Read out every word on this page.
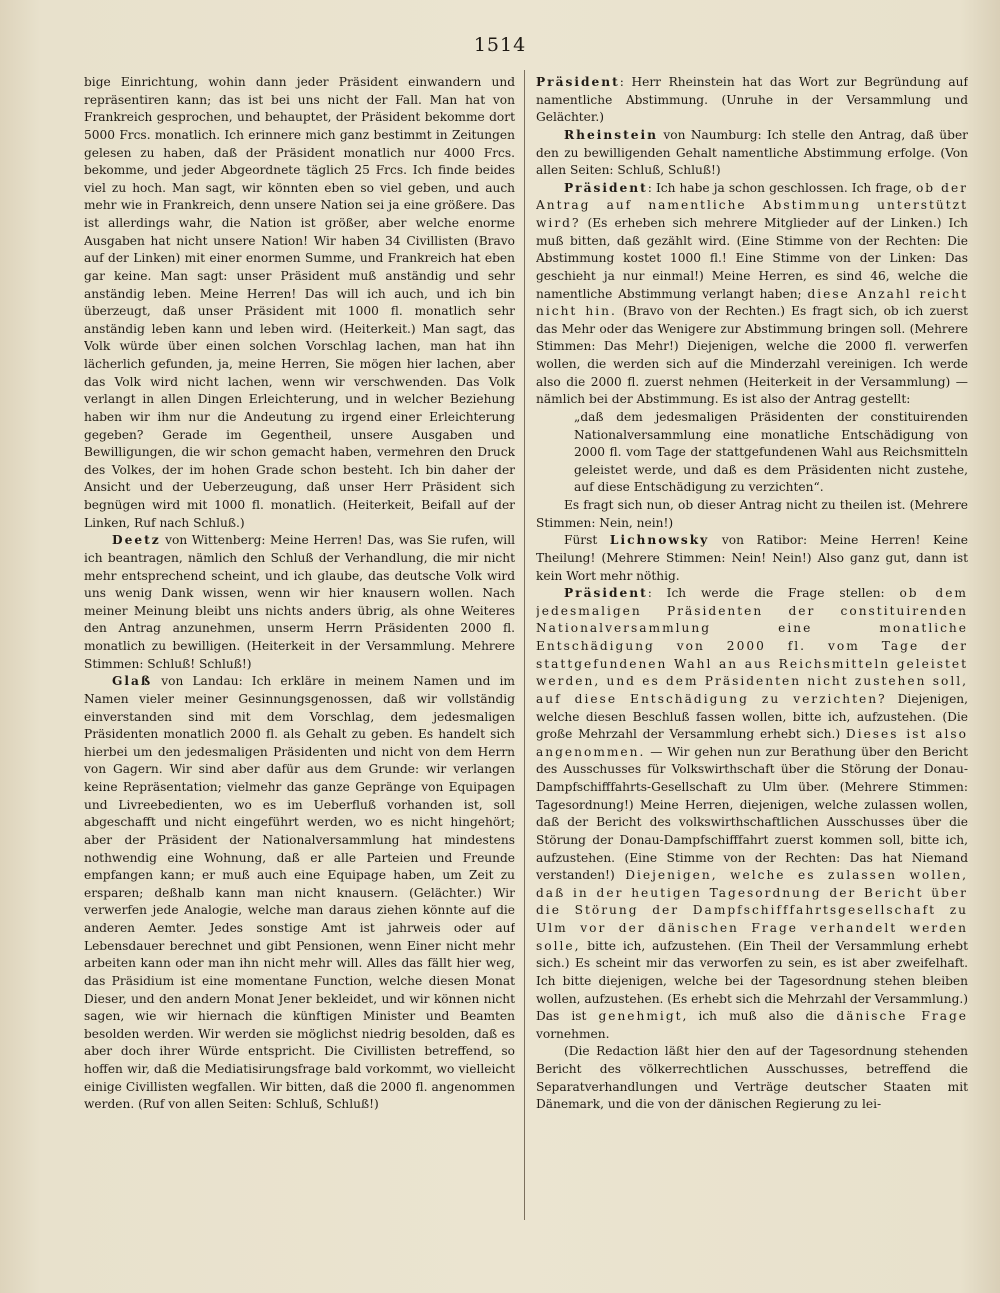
1514

bige Einrichtung, wohin dann jeder Präsident einwandern und repräsentiren kann; das ist bei uns nicht der Fall. Man hat von Frankreich gesprochen, und behauptet, der Präsident bekomme dort 5000 Frcs. monatlich. Ich erinnere mich ganz bestimmt in Zeitungen gelesen zu haben, daß der Präsident monatlich nur 4000 Frcs. bekomme, und jeder Abgeordnete täglich 25 Frcs. Ich finde beides viel zu hoch. Man sagt, wir könnten eben so viel geben, und auch mehr wie in Frankreich, denn unsere Nation sei ja eine größere. Das ist allerdings wahr, die Nation ist größer, aber welche enorme Ausgaben hat nicht unsere Nation! Wir haben 34 Civillisten (Bravo auf der Linken) mit einer enormen Summe, und Frankreich hat eben gar keine. Man sagt: unser Präsident muß anständig und sehr anständig leben. Meine Herren! Das will ich auch, und ich bin überzeugt, daß unser Präsident mit 1000 fl. monatlich sehr anständig leben kann und leben wird. (Heiterkeit.) Man sagt, das Volk würde über einen solchen Vorschlag lachen, man hat ihn lächerlich gefunden, ja, meine Herren, Sie mögen hier lachen, aber das Volk wird nicht lachen, wenn wir verschwenden. Das Volk verlangt in allen Dingen Erleichterung, und in welcher Beziehung haben wir ihm nur die Andeutung zu irgend einer Erleichterung gegeben? Gerade im Gegentheil, unsere Ausgaben und Bewilligungen, die wir schon gemacht haben, vermehren den Druck des Volkes, der im hohen Grade schon besteht. Ich bin daher der Ansicht und der Ueberzeugung, daß unser Herr Präsident sich begnügen wird mit 1000 fl. monatlich. (Heiterkeit, Beifall auf der Linken, Ruf nach Schluß.)

Deetz von Wittenberg: Meine Herren! Das, was Sie rufen, will ich beantragen, nämlich den Schluß der Verhandlung, die mir nicht mehr entsprechend scheint, und ich glaube, das deutsche Volk wird uns wenig Dank wissen, wenn wir hier knausern wollen. Nach meiner Meinung bleibt uns nichts anders übrig, als ohne Weiteres den Antrag anzunehmen, unserm Herrn Präsidenten 2000 fl. monatlich zu bewilligen. (Heiterkeit in der Versammlung. Mehrere Stimmen: Schluß! Schluß!)

Glaß von Landau: Ich erkläre in meinem Namen und im Namen vieler meiner Gesinnungsgenossen, daß wir vollständig einverstanden sind mit dem Vorschlag, dem jedesmaligen Präsidenten monatlich 2000 fl. als Gehalt zu geben. Es handelt sich hierbei um den jedesmaligen Präsidenten und nicht von dem Herrn von Gagern. Wir sind aber dafür aus dem Grunde: wir verlangen keine Repräsentation; vielmehr das ganze Gepränge von Equipagen und Livreebedienten, wo es im Ueberfluß vorhanden ist, soll abgeschafft und nicht eingeführt werden, wo es nicht hingehört; aber der Präsident der Nationalversammlung hat mindestens nothwendig eine Wohnung, daß er alle Parteien und Freunde empfangen kann; er muß auch eine Equipage haben, um Zeit zu ersparen; deßhalb kann man nicht knausern. (Gelächter.) Wir verwerfen jede Analogie, welche man daraus ziehen könnte auf die anderen Aemter. Jedes sonstige Amt ist jahrweis oder auf Lebensdauer berechnet und gibt Pensionen, wenn Einer nicht mehr arbeiten kann oder man ihn nicht mehr will. Alles das fällt hier weg, das Präsidium ist eine momentane Function, welche diesen Monat Dieser, und den andern Monat Jener bekleidet, und wir können nicht sagen, wie wir hiernach die künftigen Minister und Beamten besolden werden. Wir werden sie möglichst niedrig besolden, daß es aber doch ihrer Würde entspricht. Die Civillisten betreffend, so hoffen wir, daß die Mediatisirungsfrage bald vorkommt, wo vielleicht einige Civillisten wegfallen. Wir bitten, daß die 2000 fl. angenommen werden. (Ruf von allen Seiten: Schluß, Schluß!)

Präsident: Herr Rheinstein hat das Wort zur Begründung auf namentliche Abstimmung. (Unruhe in der Versammlung und Gelächter.)

Rheinstein von Naumburg: Ich stelle den Antrag, daß über den zu bewilligenden Gehalt namentliche Abstimmung erfolge. (Von allen Seiten: Schluß, Schluß!)

Präsident: Ich habe ja schon geschlossen. Ich frage, ob der Antrag auf namentliche Abstimmung unterstützt wird? (Es erheben sich mehrere Mitglieder auf der Linken.) Ich muß bitten, daß gezählt wird. (Eine Stimme von der Rechten: Die Abstimmung kostet 1000 fl.! Eine Stimme von der Linken: Das geschieht ja nur einmal!) Meine Herren, es sind 46, welche die namentliche Abstimmung verlangt haben; diese Anzahl reicht nicht hin. (Bravo von der Rechten.) Es fragt sich, ob ich zuerst das Mehr oder das Wenigere zur Abstimmung bringen soll. (Mehrere Stimmen: Das Mehr!) Diejenigen, welche die 2000 fl. verwerfen wollen, die werden sich auf die Minderzahl vereinigen. Ich werde also die 2000 fl. zuerst nehmen (Heiterkeit in der Versammlung) — nämlich bei der Abstimmung. Es ist also der Antrag gestellt:

„daß dem jedesmaligen Präsidenten der constituirenden Nationalversammlung eine monatliche Entschädigung von 2000 fl. vom Tage der stattgefundenen Wahl aus Reichsmitteln geleistet werde, und daß es dem Präsidenten nicht zustehe, auf diese Entschädigung zu verzichten“.

Es fragt sich nun, ob dieser Antrag nicht zu theilen ist. (Mehrere Stimmen: Nein, nein!)

Fürst Lichnowsky von Ratibor: Meine Herren! Keine Theilung! (Mehrere Stimmen: Nein! Nein!) Also ganz gut, dann ist kein Wort mehr nöthig.

Präsident: Ich werde die Frage stellen: ob dem jedesmaligen Präsidenten der constituirenden Nationalversammlung eine monatliche Entschädigung von 2000 fl. vom Tage der stattgefundenen Wahl an aus Reichsmitteln geleistet werden, und es dem Präsidenten nicht zustehen soll, auf diese Entschädigung zu verzichten? Diejenigen, welche diesen Beschluß fassen wollen, bitte ich, aufzustehen. (Die große Mehrzahl der Versammlung erhebt sich.) Dieses ist also angenommen. — Wir gehen nun zur Berathung über den Bericht des Ausschusses für Volkswirthschaft über die Störung der Donau-Dampfschifffahrts-Gesellschaft zu Ulm über. (Mehrere Stimmen: Tagesordnung!) Meine Herren, diejenigen, welche zulassen wollen, daß der Bericht des volkswirthschaftlichen Ausschusses über die Störung der Donau-Dampfschifffahrt zuerst kommen soll, bitte ich, aufzustehen. (Eine Stimme von der Rechten: Das hat Niemand verstanden!) Diejenigen, welche es zulassen wollen, daß in der heutigen Tagesordnung der Bericht über die Störung der Dampfschifffahrtsgesellschaft zu Ulm vor der dänischen Frage verhandelt werden solle, bitte ich, aufzustehen. (Ein Theil der Versammlung erhebt sich.) Es scheint mir das verworfen zu sein, es ist aber zweifelhaft. Ich bitte diejenigen, welche bei der Tagesordnung stehen bleiben wollen, aufzustehen. (Es erhebt sich die Mehrzahl der Versammlung.) Das ist genehmigt, ich muß also die dänische Frage vornehmen.

(Die Redaction läßt hier den auf der Tagesordnung stehenden Bericht des völkerrechtlichen Ausschusses, betreffend die Separatverhandlungen und Verträge deutscher Staaten mit Dänemark, und die von der dänischen Regierung zu lei-
